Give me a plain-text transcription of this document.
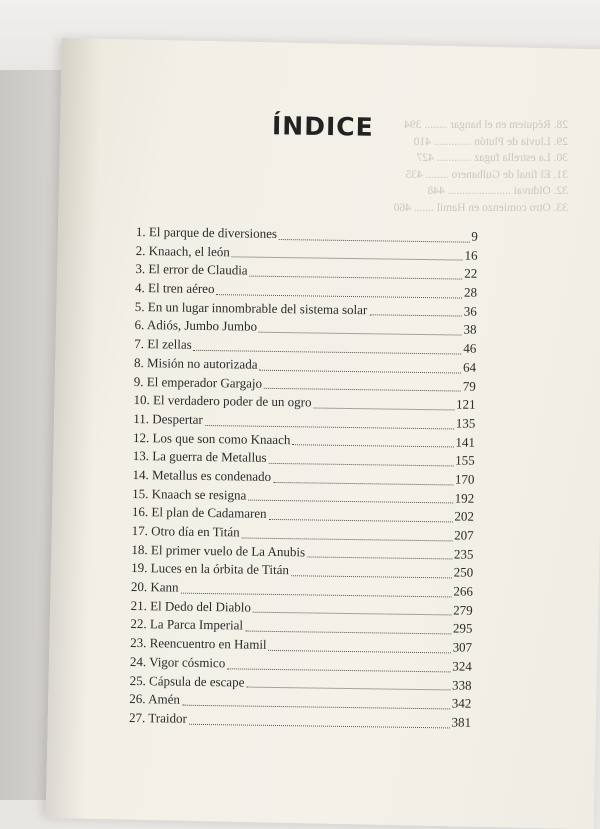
28. Réquiem en el hangar ........ 394
29. Lluvia de Plutón ............. 410
30. La estrella fugaz ............ 427
31. El final de Gulbanero ........ 435
32. Olduvai ...................... 448
33. Otro comienzo en Hamil ....... 460
ÍNDICE
1. El parque de diversiones	9
2. Knaach, el león	16
3. El error de Claudia	22
4. El tren aéreo	28
5. En un lugar innombrable del sistema solar	36
6. Adiós, Jumbo Jumbo	38
7. El zellas	46
8. Misión no autorizada	64
9. El emperador Gargajo	79
10. El verdadero poder de un ogro	121
11. Despertar	135
12. Los que son como Knaach	141
13. La guerra de Metallus	155
14. Metallus es condenado	170
15. Knaach se resigna	192
16. El plan de Cadamaren	202
17. Otro día en Titán	207
18. El primer vuelo de La Anubis	235
19. Luces en la órbita de Titán	250
20. Kann	266
21. El Dedo del Diablo	279
22. La Parca Imperial	295
23. Reencuentro en Hamil	307
24. Vigor cósmico	324
25. Cápsula de escape	338
26. Amén	342
27. Traidor	381
